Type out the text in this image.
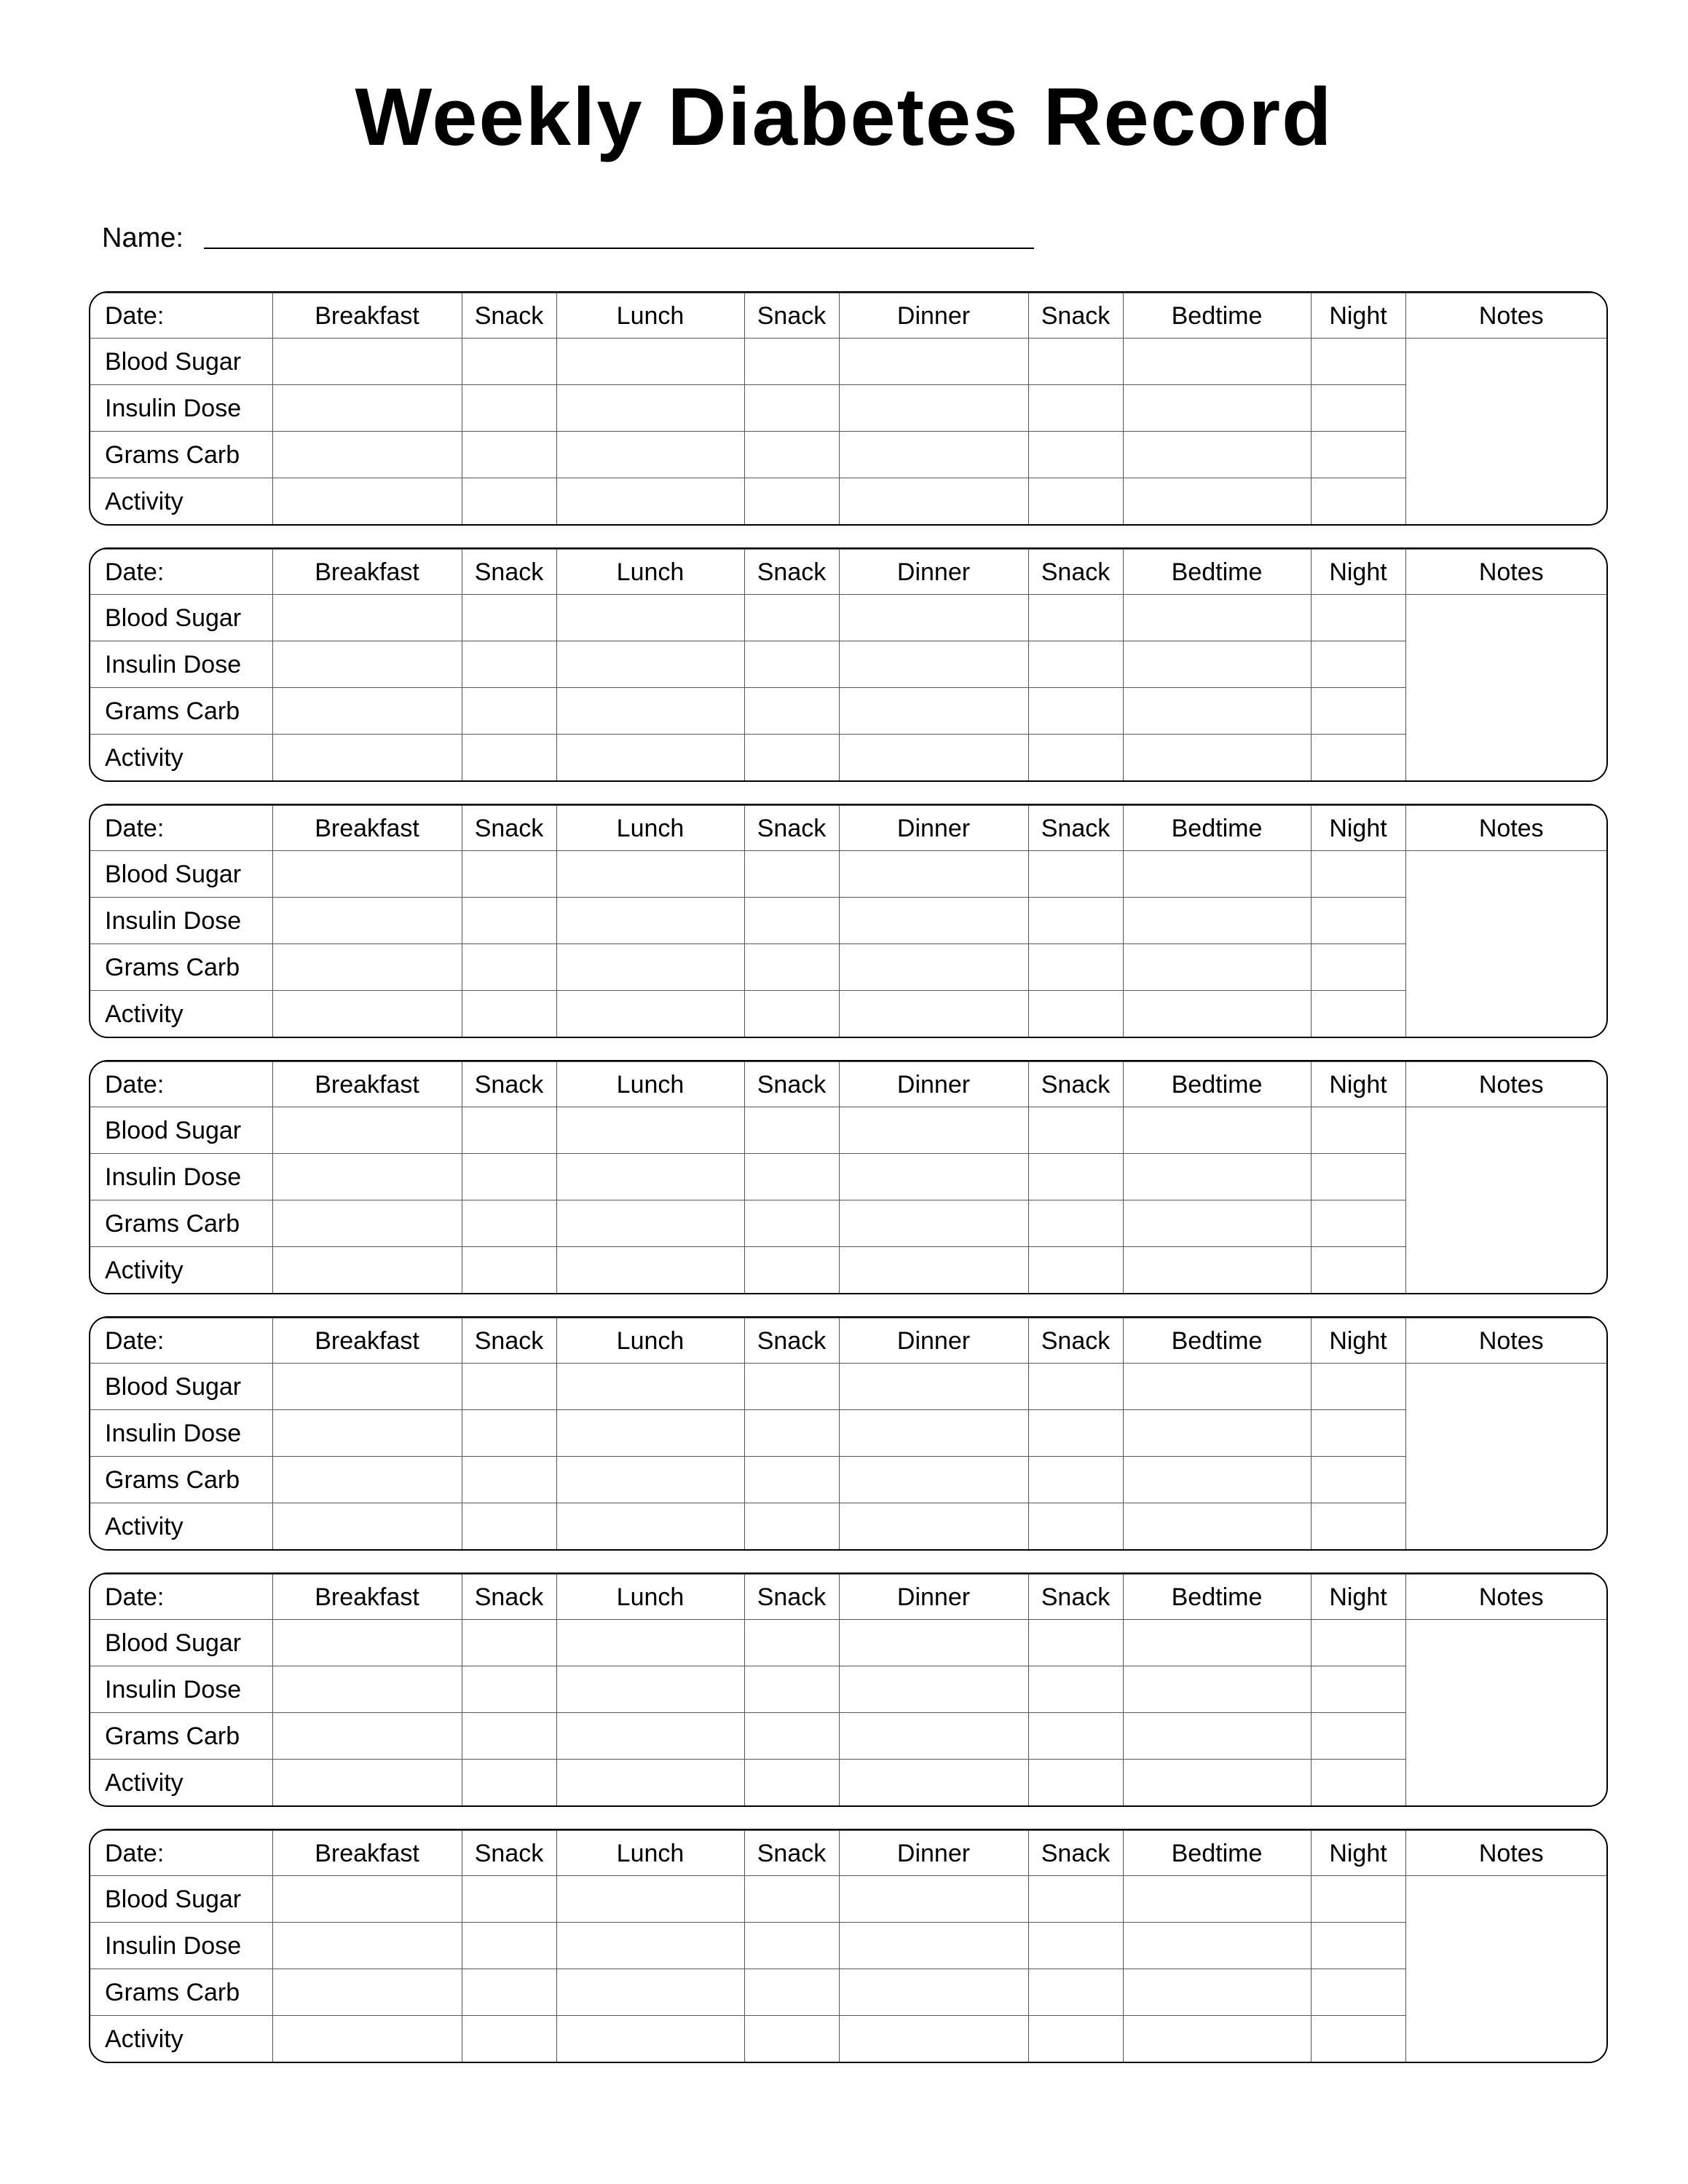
Weekly Diabetes Record
Name:
Date:	Breakfast	Snack	Lunch	Snack	Dinner	Snack	Bedtime	Night	Notes
Blood Sugar									
Insulin Dose									
Grams Carb									
Activity									
Date:	Breakfast	Snack	Lunch	Snack	Dinner	Snack	Bedtime	Night	Notes
Blood Sugar									
Insulin Dose									
Grams Carb									
Activity									
Date:	Breakfast	Snack	Lunch	Snack	Dinner	Snack	Bedtime	Night	Notes
Blood Sugar									
Insulin Dose									
Grams Carb									
Activity									
Date:	Breakfast	Snack	Lunch	Snack	Dinner	Snack	Bedtime	Night	Notes
Blood Sugar									
Insulin Dose									
Grams Carb									
Activity									
Date:	Breakfast	Snack	Lunch	Snack	Dinner	Snack	Bedtime	Night	Notes
Blood Sugar									
Insulin Dose									
Grams Carb									
Activity									
Date:	Breakfast	Snack	Lunch	Snack	Dinner	Snack	Bedtime	Night	Notes
Blood Sugar									
Insulin Dose									
Grams Carb									
Activity									
Date:	Breakfast	Snack	Lunch	Snack	Dinner	Snack	Bedtime	Night	Notes
Blood Sugar									
Insulin Dose									
Grams Carb									
Activity									
